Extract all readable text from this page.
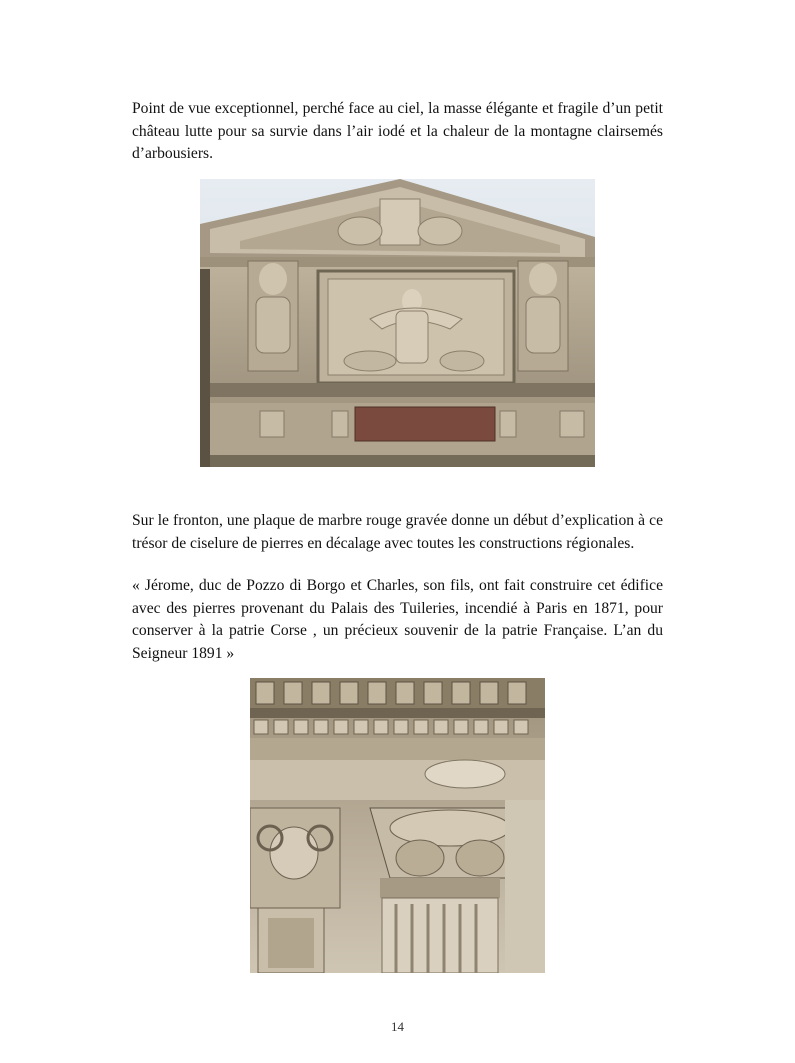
Point de vue exceptionnel, perché face au ciel, la masse élégante et fragile d’un petit château lutte pour sa survie dans l’air iodé et la chaleur de la montagne clairsemés d’arbousiers.

Sur le fronton, une plaque de marbre rouge gravée donne un début d’explication à ce trésor de ciselure de pierres en décalage avec toutes les constructions régionales.

« Jérome, duc de Pozzo di Borgo et Charles, son fils, ont fait construire cet édifice avec des pierres provenant du Palais des Tuileries, incendié à Paris en 1871, pour conserver à la patrie Corse , un précieux souvenir de la patrie Française. L’an du Seigneur 1891 »

14
